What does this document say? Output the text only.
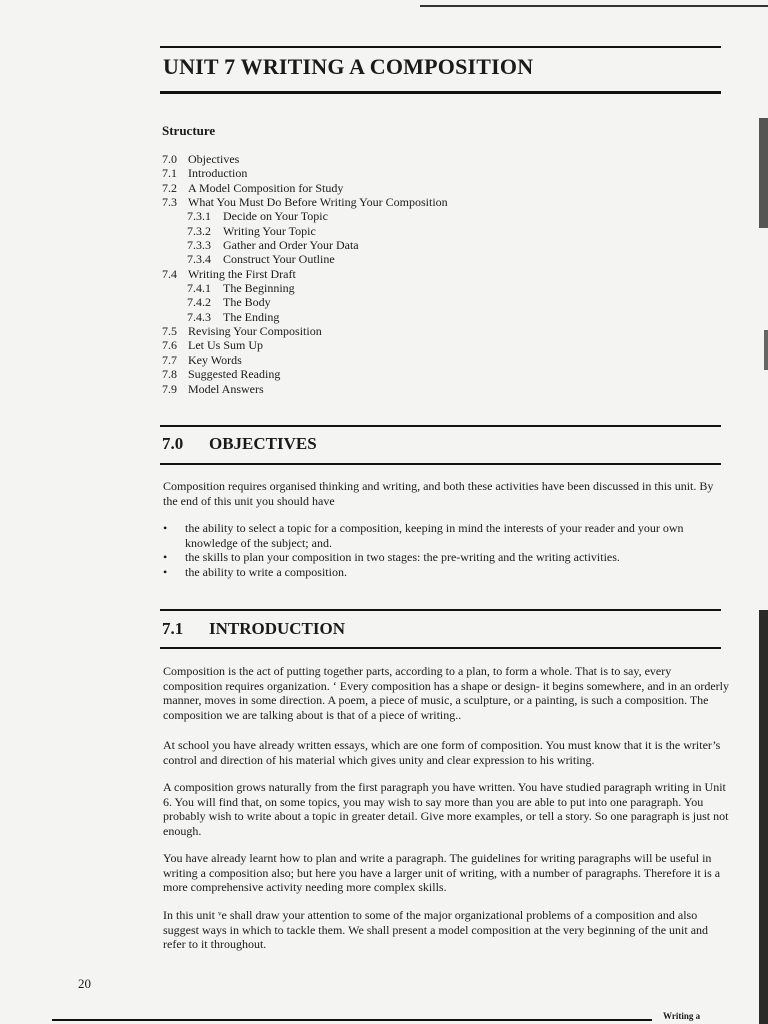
UNIT 7 WRITING A COMPOSITION
Structure
7.0 Objectives
7.1 Introduction
7.2 A Model Composition for Study
7.3 What You Must Do Before Writing Your Composition
7.3.1 Decide on Your Topic
7.3.2 Writing Your Topic
7.3.3 Gather and Order Your Data
7.3.4 Construct Your Outline
7.4 Writing the First Draft
7.4.1 The Beginning
7.4.2 The Body
7.4.3 The Ending
7.5 Revising Your Composition
7.6 Let Us Sum Up
7.7 Key Words
7.8 Suggested Reading
7.9 Model Answers
7.0 OBJECTIVES

Composition requires organised thinking and writing, and both these activities have been discussed in this unit. By the end of this unit you should have

• the ability to select a topic for a composition, keeping in mind the interests of your reader and your own knowledge of the subject; and.
• the skills to plan your composition in two stages: the pre-writing and the writing activities.
• the ability to write a composition.
7.1 INTRODUCTION

Composition is the act of putting together parts, according to a plan, to form a whole. That is to say, every composition requires organization. ‘ Every composition has a shape or design- it begins somewhere, and in an orderly manner, moves in some direction. A poem, a piece of music, a sculpture, or a painting, is such a composition. The composition we are talking about is that of a piece of writing..

At school you have already written essays, which are one form of composition. You must know that it is the writer’s control and direction of his material which gives unity and clear expression to his writing.

A composition grows naturally from the first paragraph you have written. You have studied paragraph writing in Unit 6. You will find that, on some topics, you may wish to say more than you are able to put into one paragraph. You probably wish to write about a topic in greater detail. Give more examples, or tell a story. So one paragraph is just not enough.

You have already learnt how to plan and write a paragraph. The guidelines for writing paragraphs will be useful in writing a composition also; but here you have a larger unit of writing, with a number of paragraphs. Therefore it is a more comprehensive activity needing more complex skills.

In this unit ᵛe shall draw your attention to some of the major organizational problems of a composition and also suggest ways in which to tackle them. We shall present a model composition at the very beginning of the unit and refer to it throughout.

20
Writing a
